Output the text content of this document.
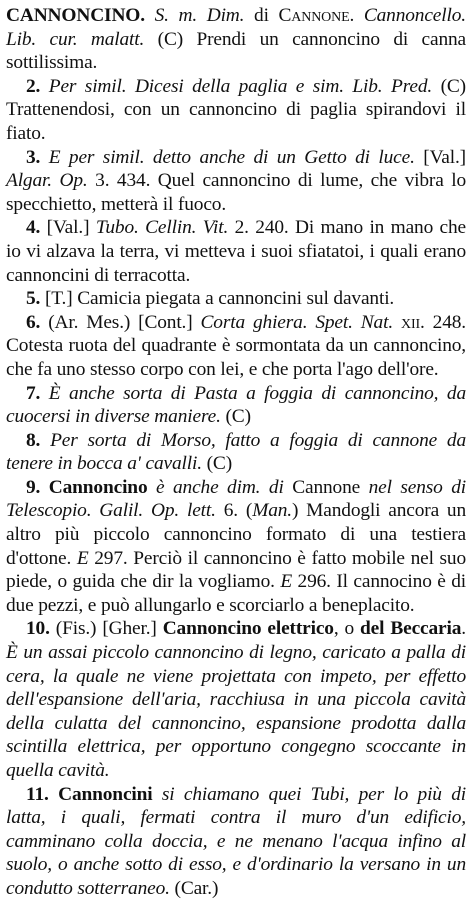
CANNONCINO. S. m. Dim. di Cannone. Cannoncello. Lib. cur. malatt. (C) Prendi un cannoncino di canna sottilissima.

2. Per simil. Dicesi della paglia e sim. Lib. Pred. (C) Trattenendosi, con un cannoncino di paglia spirandovi il fiato.

3. E per simil. detto anche di un Getto di luce. [Val.] Algar. Op. 3. 434. Quel cannoncino di lume, che vibra lo specchietto, metterà il fuoco.

4. [Val.] Tubo. Cellin. Vit. 2. 240. Di mano in mano che io vi alzava la terra, vi metteva i suoi sfiatatoi, i quali erano cannoncini di terracotta.

5. [T.] Camicia piegata a cannoncini sul davanti.

6. (Ar. Mes.) [Cont.] Corta ghiera. Spet. Nat. xii. 248. Cotesta ruota del quadrante è sormontata da un cannoncino, che fa uno stesso corpo con lei, e che porta l'ago dell'ore.

7. È anche sorta di Pasta a foggia di cannoncino, da cuocersi in diverse maniere. (C)

8. Per sorta di Morso, fatto a foggia di cannone da tenere in bocca a' cavalli. (C)

9. Cannoncino è anche dim. di Cannone nel senso di Telescopio. Galil. Op. lett. 6. (Man.) Mandogli ancora un altro più piccolo cannoncino formato di una testiera d'ottone. E 297. Perciò il cannoncino è fatto mobile nel suo piede, o guida che dir la vogliamo. E 296. Il cannocino è di due pezzi, e può allungarlo e scorciarlo a beneplacito.

10. (Fis.) [Gher.] Cannoncino elettrico, o del Beccaria. È un assai piccolo cannoncino di legno, caricato a palla di cera, la quale ne viene projettata con impeto, per effetto dell'espansione dell'aria, racchiusa in una piccola cavità della culatta del cannoncino, espansione prodotta dalla scintilla elettrica, per opportuno congegno scoccante in quella cavità.

11. Cannoncini si chiamano quei Tubi, per lo più di latta, i quali, fermati contra il muro d'un edificio, camminano colla doccia, e ne menano l'acqua infino al suolo, o anche sotto di esso, e d'ordinario la versano in un condutto sotterraneo. (Car.)
